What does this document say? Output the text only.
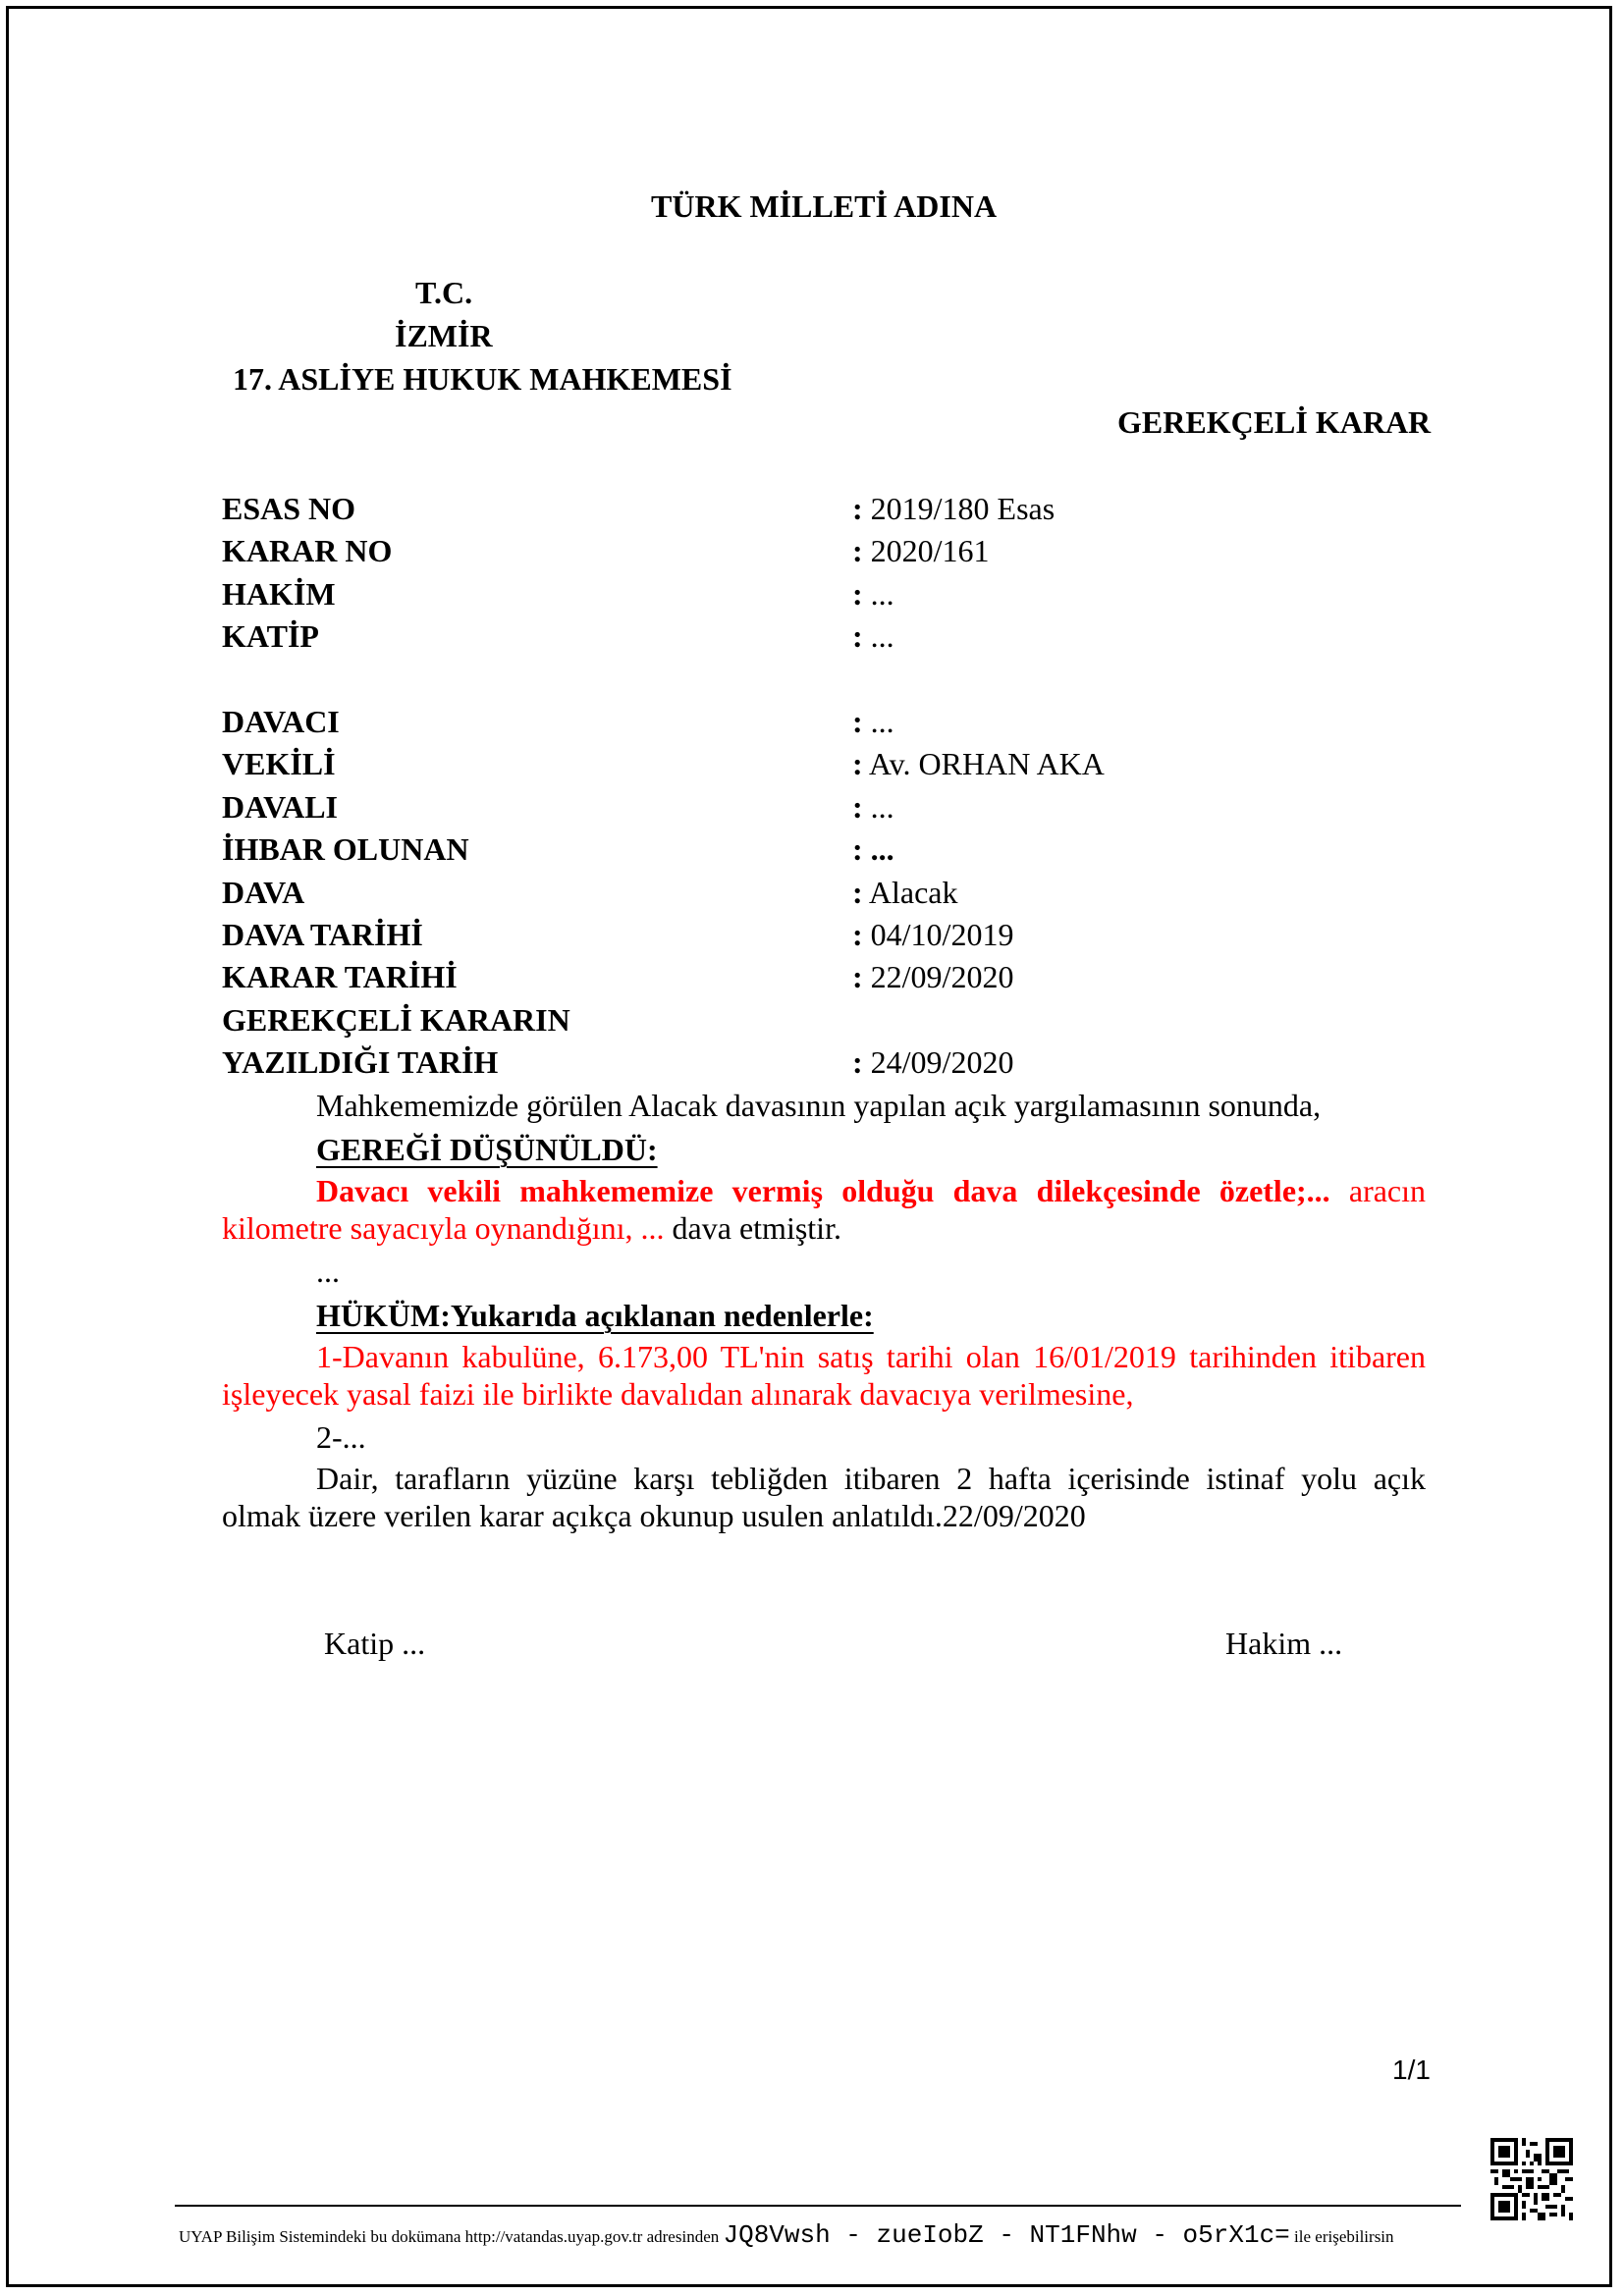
TÜRK MİLLETİ ADINA
T.C.
İZMİR
17. ASLİYE HUKUK MAHKEMESİ
GEREKÇELİ KARAR
ESAS NO	: 2019/180 Esas
KARAR NO	: 2020/161
HAKİM	: ...
KATİP	: ...
DAVACI	: ...
VEKİLİ	: Av. ORHAN AKA
DAVALI	: ...
İHBAR OLUNAN	: ...
DAVA	: Alacak
DAVA TARİHİ	: 04/10/2019
KARAR TARİHİ	: 22/09/2020
GEREKÇELİ KARARIN
YAZILDIĞI TARİH	: 24/09/2020
Mahkememizde görülen Alacak davasının yapılan açık yargılamasının sonunda,
GEREĞİ DÜŞÜNÜLDÜ:
Davacı vekili mahkememize vermiş olduğu dava dilekçesinde özetle;... aracın
kilometre sayacıyla oynandığını, ... dava etmiştir.
...
HÜKÜM:Yukarıda açıklanan nedenlerle:
1-Davanın kabulüne, 6.173,00 TL'nin satış tarihi olan 16/01/2019 tarihinden itibaren
işleyecek yasal faizi ile birlikte davalıdan alınarak davacıya verilmesine,
2-...
Dair, tarafların yüzüne karşı tebliğden itibaren 2 hafta içerisinde istinaf yolu açık
olmak üzere verilen karar açıkça okunup usulen anlatıldı.22/09/2020
Katip ...	Hakim ...
1/1
UYAP Bilişim Sistemindeki bu dokümana http://vatandas.uyap.gov.tr adresinden JQ8Vwsh - zueIobZ - NT1FNhw - o5rX1c= ile erişebilirsin
